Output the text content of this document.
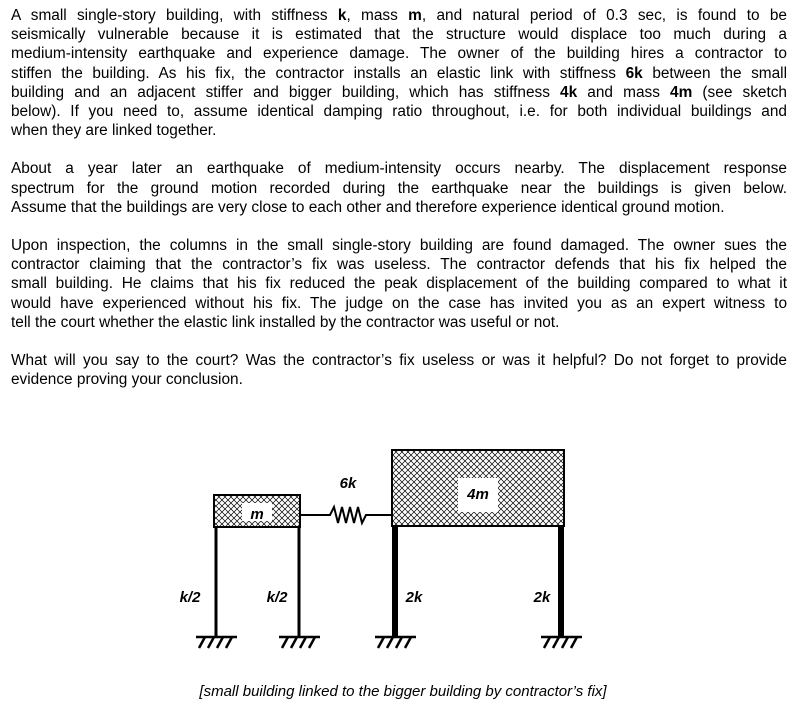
A small single-story building, with stiffness k, mass m, and natural period of 0.3 sec, is found to be
seismically vulnerable because it is estimated that the structure would displace too much during a
medium-intensity earthquake and experience damage. The owner of the building hires a contractor to
stiffen the building. As his fix, the contractor installs an elastic link with stiffness 6k between the small
building and an adjacent stiffer and bigger building, which has stiffness 4k and mass 4m (see sketch
below). If you need to, assume identical damping ratio throughout, i.e. for both individual buildings and
when they are linked together.
About a year later an earthquake of medium-intensity occurs nearby. The displacement response
spectrum for the ground motion recorded during the earthquake near the buildings is given below.
Assume that the buildings are very close to each other and therefore experience identical ground motion.
Upon inspection, the columns in the small single-story building are found damaged. The owner sues the
contractor claiming that the contractor’s fix was useless. The contractor defends that his fix helped the
small building. He claims that his fix reduced the peak displacement of the building compared to what it
would have experienced without his fix. The judge on the case has invited you as an expert witness to
tell the court whether the elastic link installed by the contractor was useful or not.
What will you say to the court? Was the contractor’s fix useless or was it helpful? Do not forget to provide
evidence proving your conclusion.
m
6k
4m
k/2	k/2	2k	2k
[small building linked to the bigger building by contractor’s fix]
